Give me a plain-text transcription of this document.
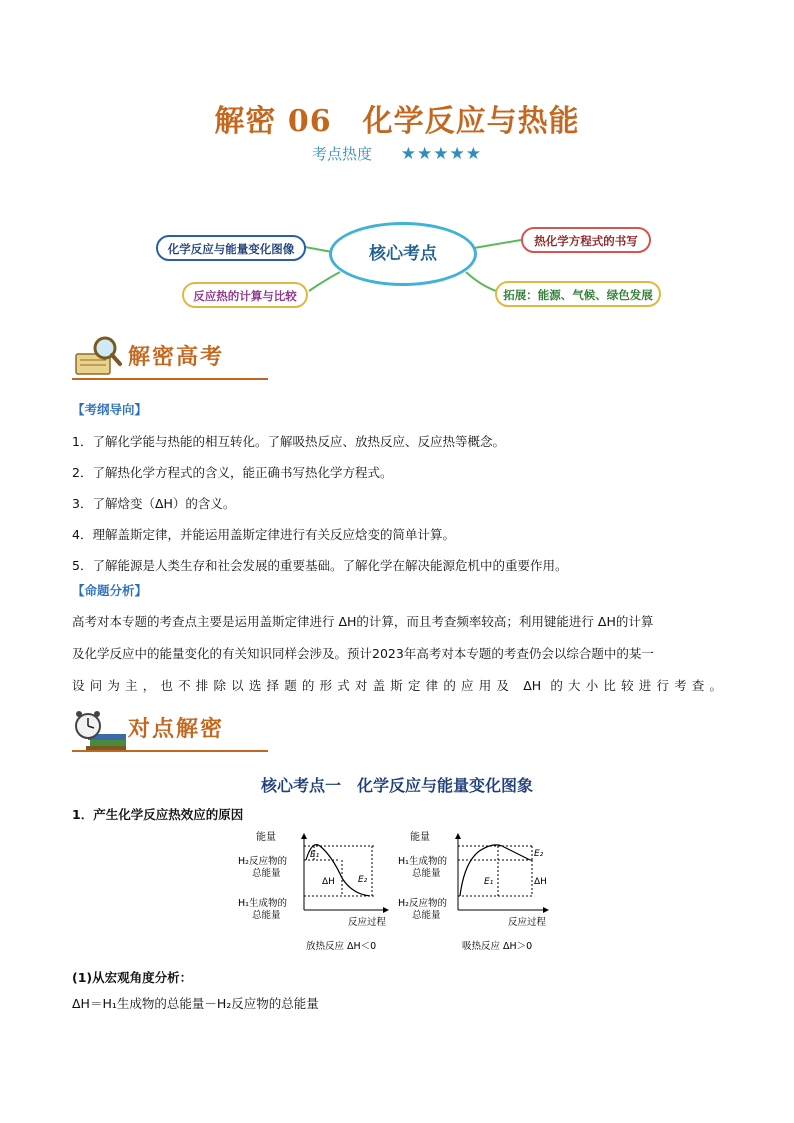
解密 06　化学反应与热能
考点热度 ★★★★★
化学反应与能量变化图像
反应热的计算与比较
核心考点
热化学方程式的书写
拓展：能源、气候、绿色发展
解密高考
【考纲导向】
1．了解化学能与热能的相互转化。了解吸热反应、放热反应、反应热等概念。
2．了解热化学方程式的含义，能正确书写热化学方程式。
3．了解焓变（ΔH）的含义。
4．理解盖斯定律，并能运用盖斯定律进行有关反应焓变的简单计算。
5．了解能源是人类生存和社会发展的重要基础。了解化学在解决能源危机中的重要作用。
【命题分析】
高考对本专题的考查点主要是运用盖斯定律进行 ΔH的计算，而且考查频率较高；利用键能进行 ΔH的计算
及化学反应中的能量变化的有关知识同样会涉及。预计2023年高考对本专题的考查仍会以综合题中的某一
设问为主，也不排除以选择题的形式对盖斯定律的应用及 ΔH 的大小比较进行考查。
对点解密
核心考点一　化学反应与能量变化图象
1．产生化学反应热效应的原因
能量
H₂反应物的
总能量
H₁生成物的
总能量
E₁
E₂
ΔH
反应过程
放热反应 ΔH＜0
能量
H₁生成物的
总能量
H₂反应物的
总能量
E₁
E₂
ΔH
反应过程
吸热反应 ΔH＞0
(1)从宏观角度分析：
ΔH＝H₁生成物的总能量－H₂反应物的总能量
